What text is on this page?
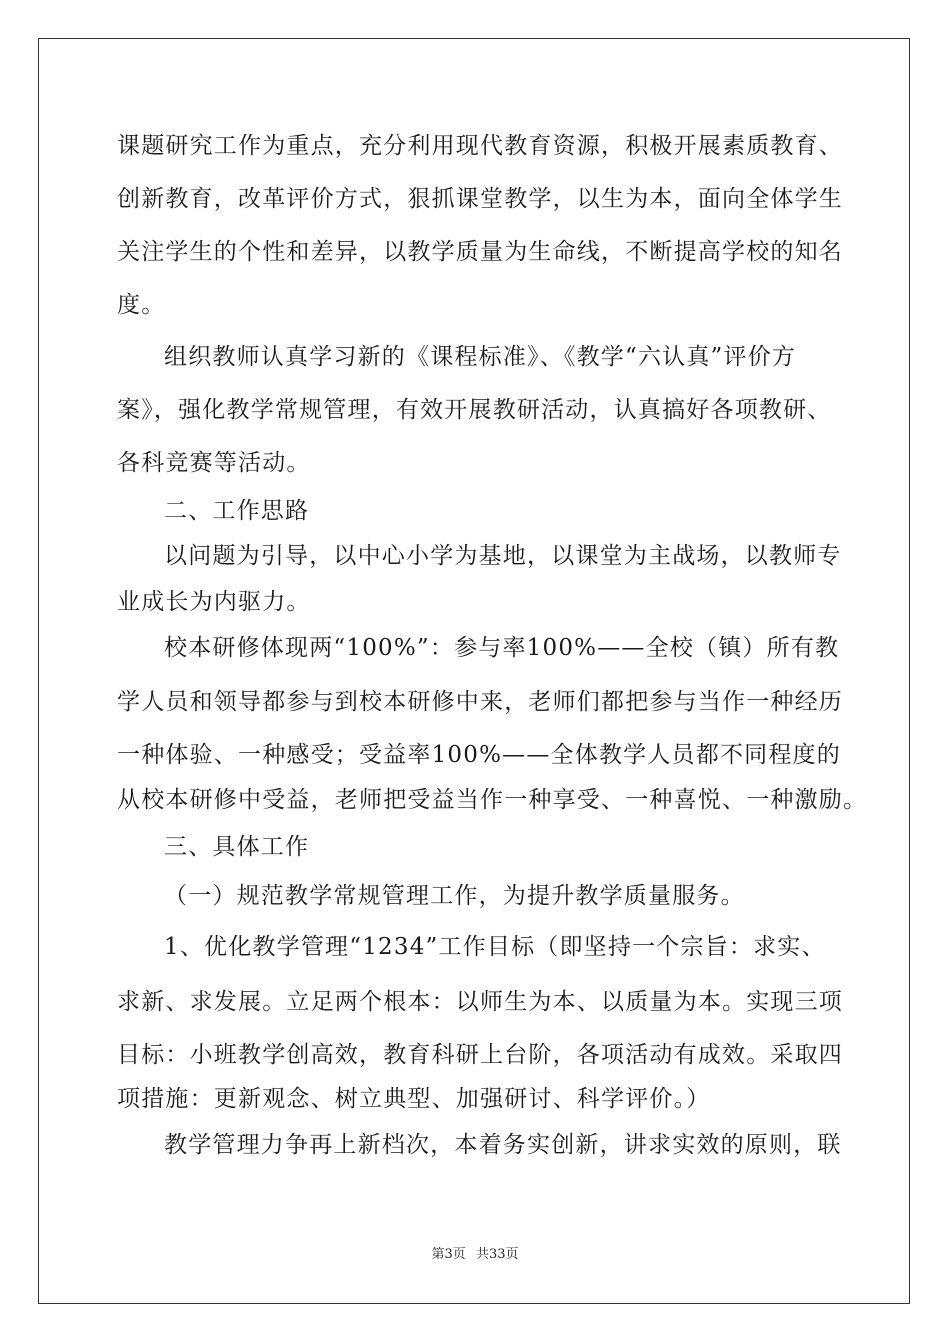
课题研究工作为重点，充分利用现代教育资源，积极开展素质教育、
创新教育，改革评价方式，狠抓课堂教学，以生为本，面向全体学生
关注学生的个性和差异，以教学质量为生命线，不断提高学校的知名
度。
组织教师认真学习新的《课程标准》、《教学“六认真”评价方
案》，强化教学常规管理，有效开展教研活动，认真搞好各项教研、
各科竞赛等活动。
二、工作思路
以问题为引导，以中心小学为基地，以课堂为主战场，以教师专
业成长为内驱力。
校本研修体现两“100%”：参与率100%——全校（镇）所有教
学人员和领导都参与到校本研修中来，老师们都把参与当作一种经历
一种体验、一种感受；受益率100%——全体教学人员都不同程度的
从校本研修中受益，老师把受益当作一种享受、一种喜悦、一种激励。
三、具体工作
（一）规范教学常规管理工作，为提升教学质量服务。
1、优化教学管理“1234”工作目标（即坚持一个宗旨：求实、
求新、求发展。立足两个根本：以师生为本、以质量为本。实现三项
目标：小班教学创高效，教育科研上台阶，各项活动有成效。采取四
项措施：更新观念、树立典型、加强研讨、科学评价。）
教学管理力争再上新档次，本着务实创新，讲求实效的原则，联
第3页 共33页
